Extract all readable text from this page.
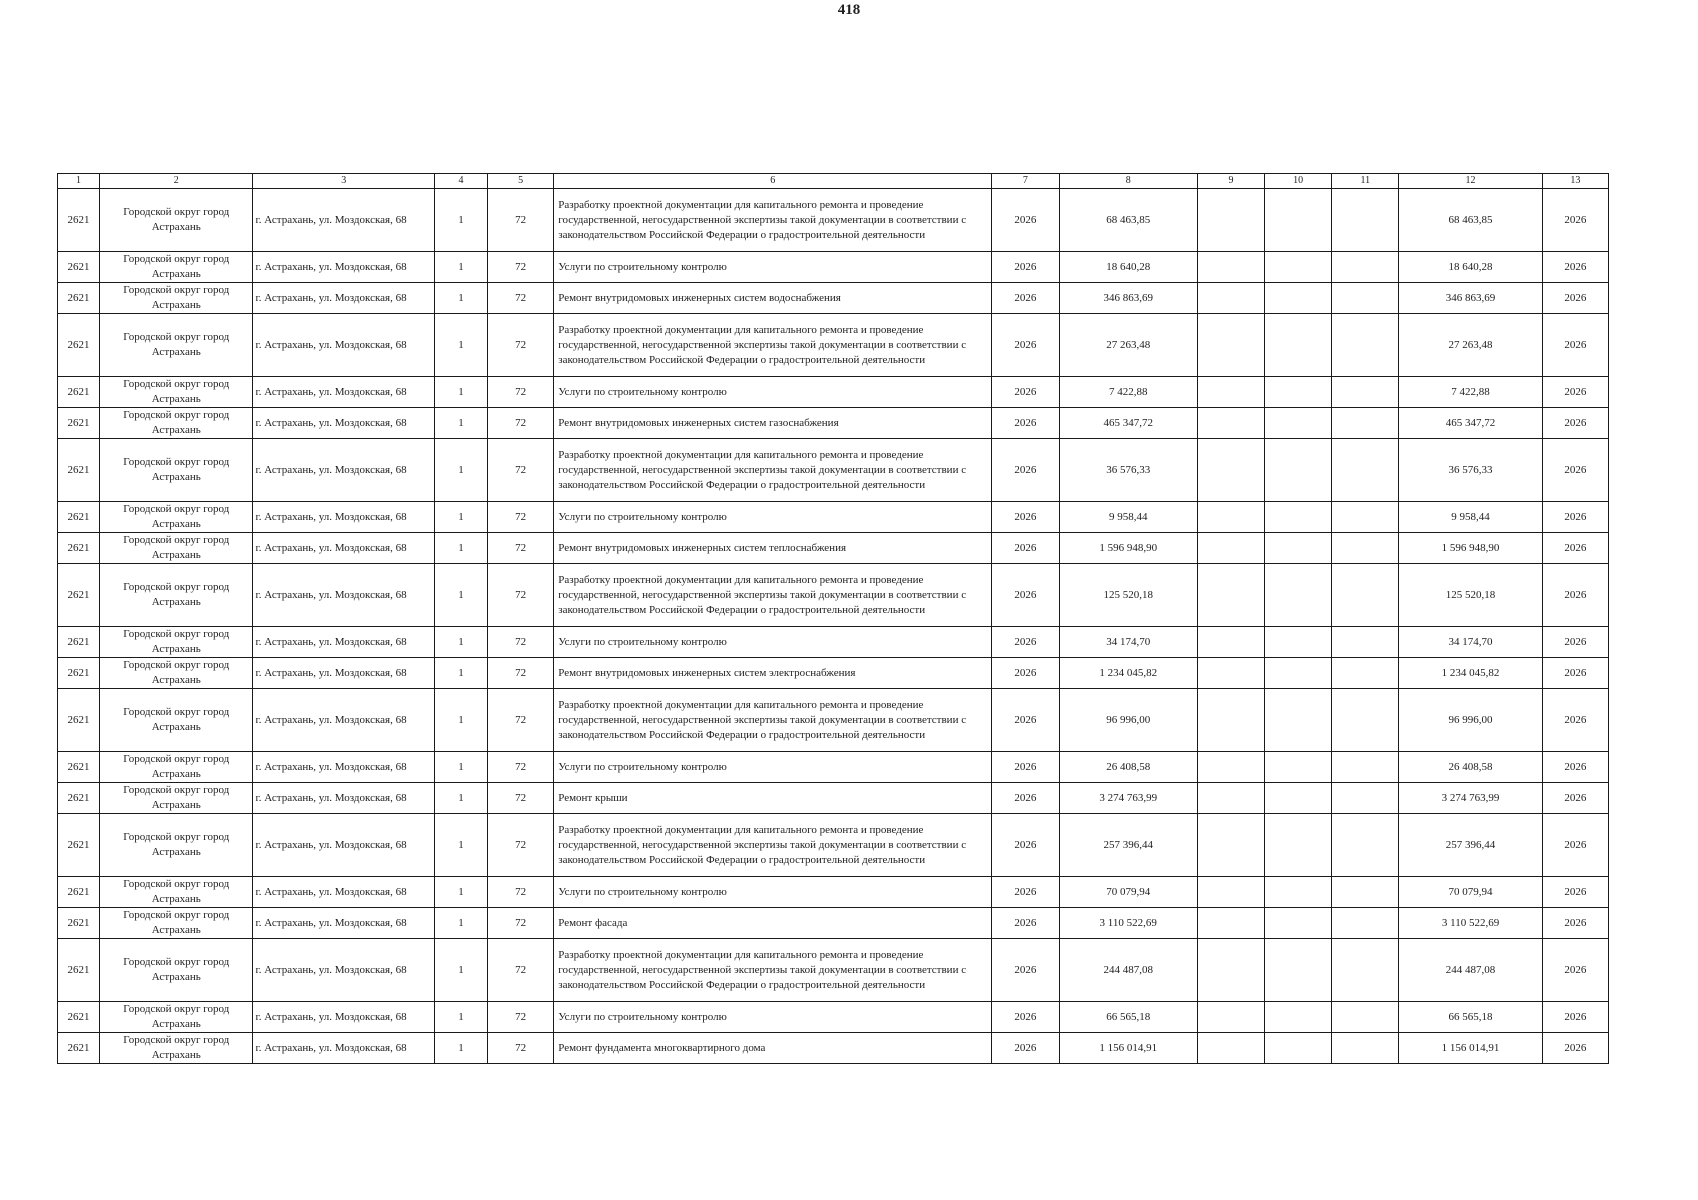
418
1	2	3	4	5	6	7	8	9	10	11	12	13
2621	Городской округ город Астрахань	г. Астрахань, ул. Моздокская, 68	1	72	Разработку проектной документации для капитального ремонта и проведение государственной, негосударственной экспертизы такой документации в соответствии с законодательством Российской Федерации о градостроительной деятельности	2026	68 463,85				68 463,85	2026
2621	Городской округ город Астрахань	г. Астрахань, ул. Моздокская, 68	1	72	Услуги по строительному контролю	2026	18 640,28				18 640,28	2026
2621	Городской округ город Астрахань	г. Астрахань, ул. Моздокская, 68	1	72	Ремонт внутридомовых инженерных систем водоснабжения	2026	346 863,69				346 863,69	2026
2621	Городской округ город Астрахань	г. Астрахань, ул. Моздокская, 68	1	72	Разработку проектной документации для капитального ремонта и проведение государственной, негосударственной экспертизы такой документации в соответствии с законодательством Российской Федерации о градостроительной деятельности	2026	27 263,48				27 263,48	2026
2621	Городской округ город Астрахань	г. Астрахань, ул. Моздокская, 68	1	72	Услуги по строительному контролю	2026	7 422,88				7 422,88	2026
2621	Городской округ город Астрахань	г. Астрахань, ул. Моздокская, 68	1	72	Ремонт внутридомовых инженерных систем газоснабжения	2026	465 347,72				465 347,72	2026
2621	Городской округ город Астрахань	г. Астрахань, ул. Моздокская, 68	1	72	Разработку проектной документации для капитального ремонта и проведение государственной, негосударственной экспертизы такой документации в соответствии с законодательством Российской Федерации о градостроительной деятельности	2026	36 576,33				36 576,33	2026
2621	Городской округ город Астрахань	г. Астрахань, ул. Моздокская, 68	1	72	Услуги по строительному контролю	2026	9 958,44				9 958,44	2026
2621	Городской округ город Астрахань	г. Астрахань, ул. Моздокская, 68	1	72	Ремонт внутридомовых инженерных систем теплоснабжения	2026	1 596 948,90				1 596 948,90	2026
2621	Городской округ город Астрахань	г. Астрахань, ул. Моздокская, 68	1	72	Разработку проектной документации для капитального ремонта и проведение государственной, негосударственной экспертизы такой документации в соответствии с законодательством Российской Федерации о градостроительной деятельности	2026	125 520,18				125 520,18	2026
2621	Городской округ город Астрахань	г. Астрахань, ул. Моздокская, 68	1	72	Услуги по строительному контролю	2026	34 174,70				34 174,70	2026
2621	Городской округ город Астрахань	г. Астрахань, ул. Моздокская, 68	1	72	Ремонт внутридомовых инженерных систем электроснабжения	2026	1 234 045,82				1 234 045,82	2026
2621	Городской округ город Астрахань	г. Астрахань, ул. Моздокская, 68	1	72	Разработку проектной документации для капитального ремонта и проведение государственной, негосударственной экспертизы такой документации в соответствии с законодательством Российской Федерации о градостроительной деятельности	2026	96 996,00				96 996,00	2026
2621	Городской округ город Астрахань	г. Астрахань, ул. Моздокская, 68	1	72	Услуги по строительному контролю	2026	26 408,58				26 408,58	2026
2621	Городской округ город Астрахань	г. Астрахань, ул. Моздокская, 68	1	72	Ремонт крыши	2026	3 274 763,99				3 274 763,99	2026
2621	Городской округ город Астрахань	г. Астрахань, ул. Моздокская, 68	1	72	Разработку проектной документации для капитального ремонта и проведение государственной, негосударственной экспертизы такой документации в соответствии с законодательством Российской Федерации о градостроительной деятельности	2026	257 396,44				257 396,44	2026
2621	Городской округ город Астрахань	г. Астрахань, ул. Моздокская, 68	1	72	Услуги по строительному контролю	2026	70 079,94				70 079,94	2026
2621	Городской округ город Астрахань	г. Астрахань, ул. Моздокская, 68	1	72	Ремонт фасада	2026	3 110 522,69				3 110 522,69	2026
2621	Городской округ город Астрахань	г. Астрахань, ул. Моздокская, 68	1	72	Разработку проектной документации для капитального ремонта и проведение государственной, негосударственной экспертизы такой документации в соответствии с законодательством Российской Федерации о градостроительной деятельности	2026	244 487,08				244 487,08	2026
2621	Городской округ город Астрахань	г. Астрахань, ул. Моздокская, 68	1	72	Услуги по строительному контролю	2026	66 565,18				66 565,18	2026
2621	Городской округ город Астрахань	г. Астрахань, ул. Моздокская, 68	1	72	Ремонт фундамента многоквартирного дома	2026	1 156 014,91				1 156 014,91	2026
